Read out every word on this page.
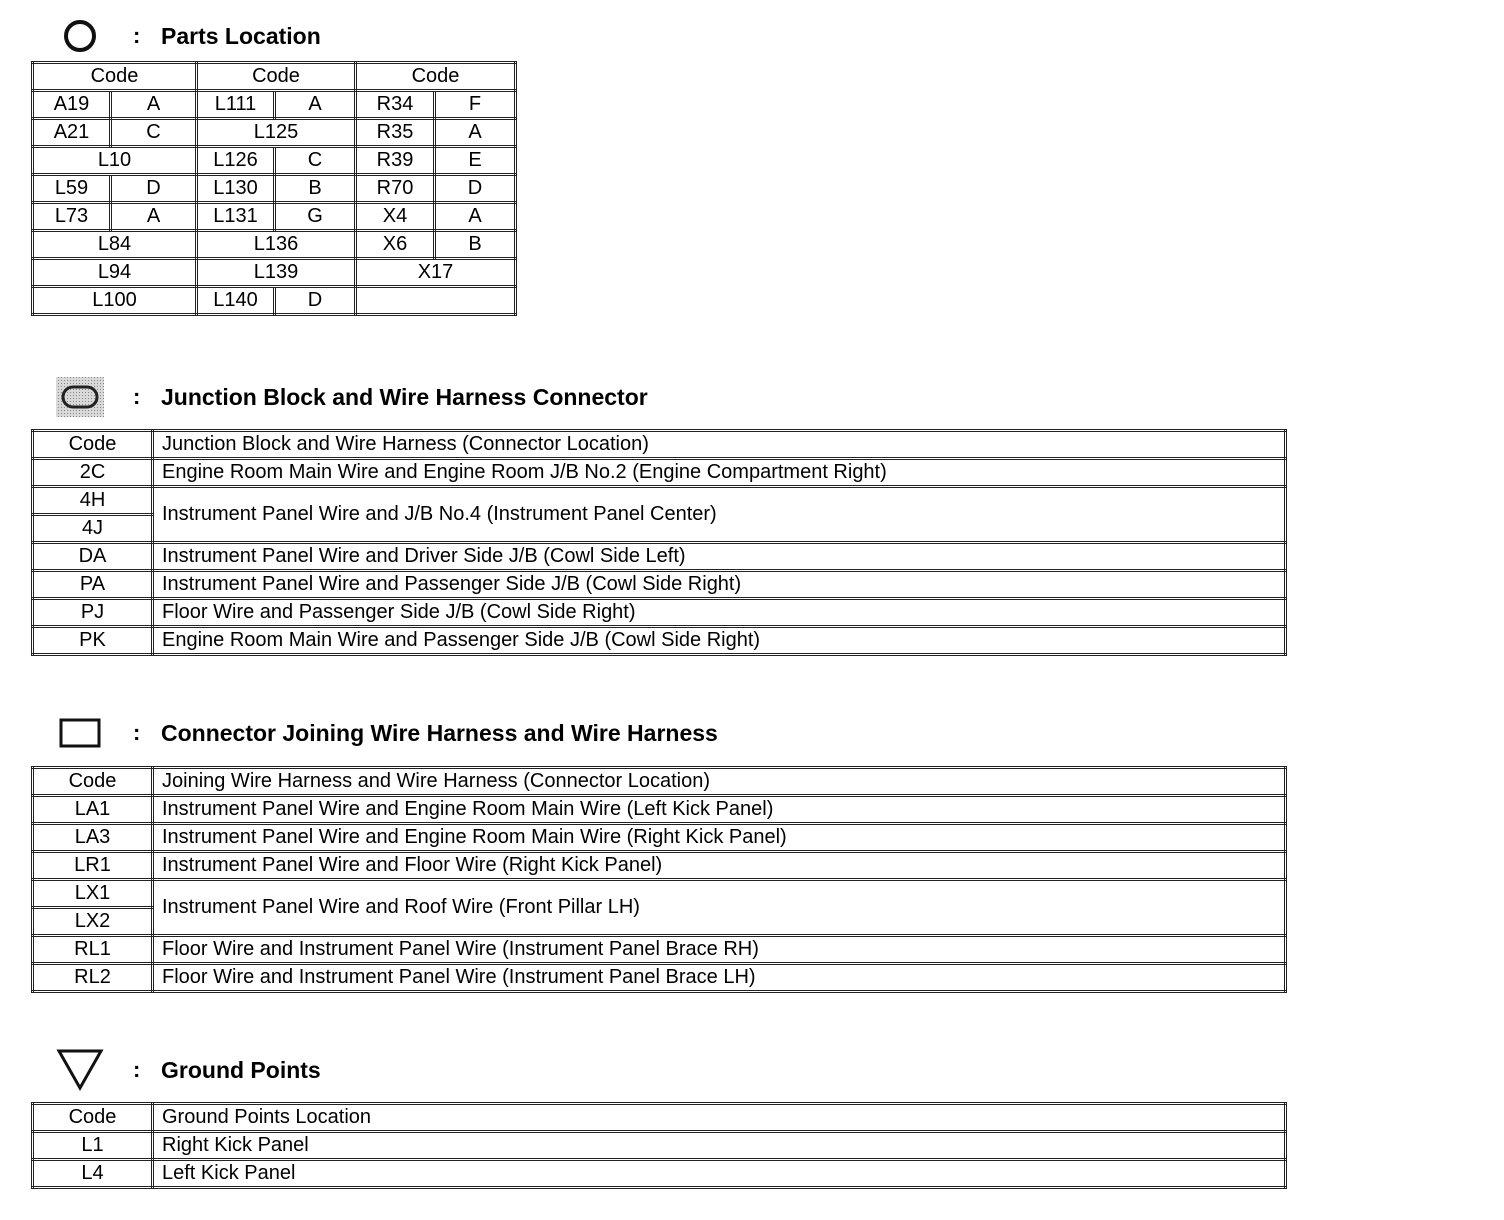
: Parts Location
Code		Code		Code	
A19	A	L111	A	R34	F
A21	C	L125		R35	A
L10		L126	C	R39	E
L59	D	L130	B	R70	D
L73	A	L131	G	X4	A
L84		L136		X6	B
L94		L139		X17	
L100		L140	D		
: Junction Block and Wire Harness Connector
Code	Junction Block and Wire Harness (Connector Location)
2C	Engine Room Main Wire and Engine Room J/B No.2 (Engine Compartment Right)
4H	Instrument Panel Wire and J/B No.4 (Instrument Panel Center)
4J	
DA	Instrument Panel Wire and Driver Side J/B (Cowl Side Left)
PA	Instrument Panel Wire and Passenger Side J/B (Cowl Side Right)
PJ	Floor Wire and Passenger Side J/B (Cowl Side Right)
PK	Engine Room Main Wire and Passenger Side J/B (Cowl Side Right)
: Connector Joining Wire Harness and Wire Harness
Code	Joining Wire Harness and Wire Harness (Connector Location)
LA1	Instrument Panel Wire and Engine Room Main Wire (Left Kick Panel)
LA3	Instrument Panel Wire and Engine Room Main Wire (Right Kick Panel)
LR1	Instrument Panel Wire and Floor Wire (Right Kick Panel)
LX1	Instrument Panel Wire and Roof Wire (Front Pillar LH)
LX2	
RL1	Floor Wire and Instrument Panel Wire (Instrument Panel Brace RH)
RL2	Floor Wire and Instrument Panel Wire (Instrument Panel Brace LH)
: Ground Points
Code	Ground Points Location
L1	Right Kick Panel
L4	Left Kick Panel
